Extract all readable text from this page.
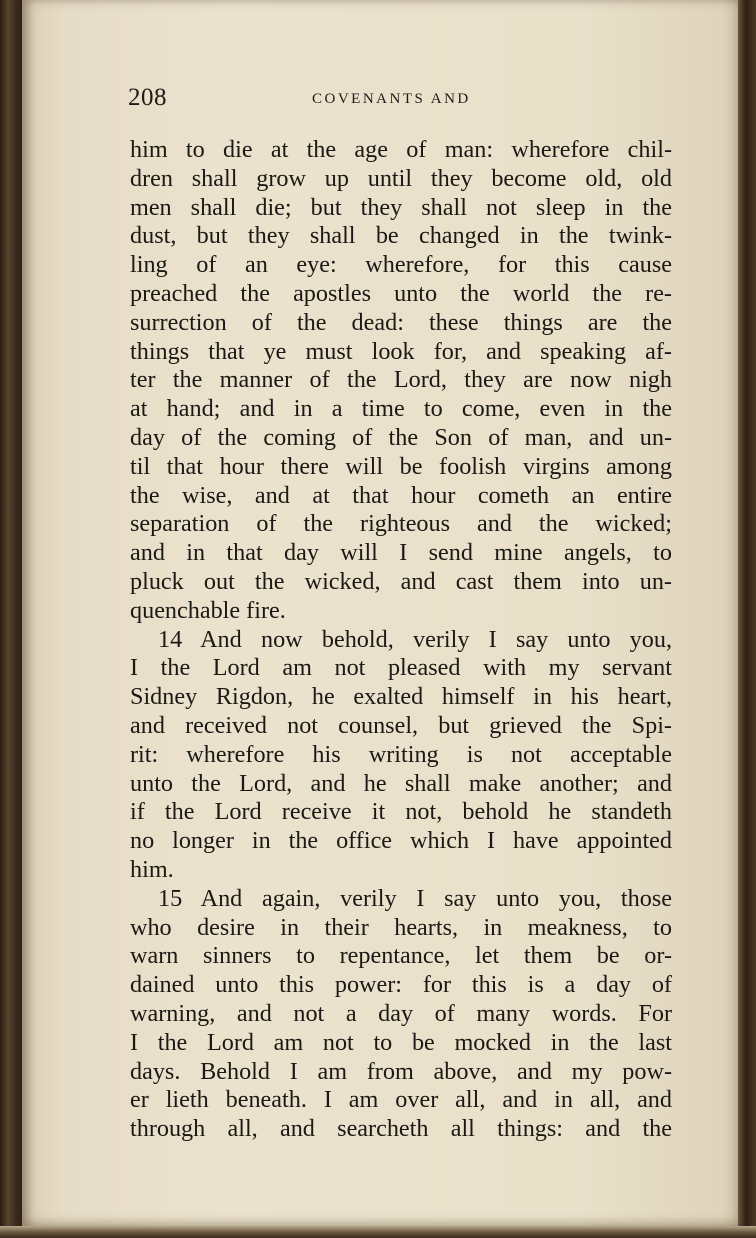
208	COVENANTS AND
him to die at the age of man: wherefore chil-
dren shall grow up until they become old, old
men shall die; but they shall not sleep in the
dust, but they shall be changed in the twink-
ling of an eye: wherefore, for this cause
preached the apostles unto the world the re-
surrection of the dead: these things are the
things that ye must look for, and speaking af-
ter the manner of the Lord, they are now nigh
at hand; and in a time to come, even in the
day of the coming of the Son of man, and un-
til that hour there will be foolish virgins among
the wise, and at that hour cometh an entire
separation of the righteous and the wicked;
and in that day will I send mine angels, to
pluck out the wicked, and cast them into un-
quenchable fire.
14 And now behold, verily I say unto you,
I the Lord am not pleased with my servant
Sidney Rigdon, he exalted himself in his heart,
and received not counsel, but grieved the Spi-
rit: wherefore his writing is not acceptable
unto the Lord, and he shall make another; and
if the Lord receive it not, behold he standeth
no longer in the office which I have appointed
him.
15 And again, verily I say unto you, those
who desire in their hearts, in meakness, to
warn sinners to repentance, let them be or-
dained unto this power: for this is a day of
warning, and not a day of many words. For
I the Lord am not to be mocked in the last
days. Behold I am from above, and my pow-
er lieth beneath. I am over all, and in all, and
through all, and searcheth all things: and the
